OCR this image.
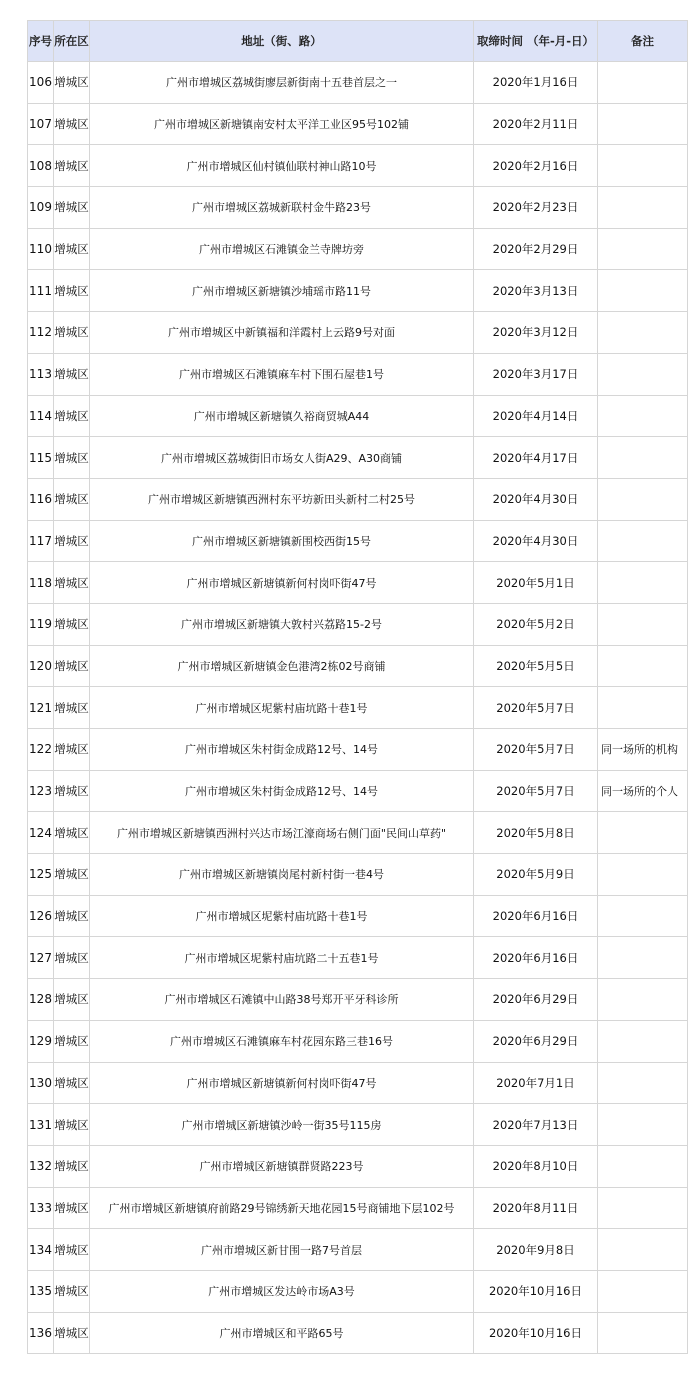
序号	所在区	地址（街、路）	取缔时间 （年-月-日）	备注
106	增城区	广州市增城区荔城街廖层新街南十五巷首层之一	2020年1月16日	
107	增城区	广州市增城区新塘镇南安村太平洋工业区95号102铺	2020年2月11日	
108	增城区	广州市增城区仙村镇仙联村神山路10号	2020年2月16日	
109	增城区	广州市增城区荔城新联村金牛路23号	2020年2月23日	
110	增城区	广州市增城区石滩镇金兰寺牌坊旁	2020年2月29日	
111	增城区	广州市增城区新塘镇沙埔瑶市路11号	2020年3月13日	
112	增城区	广州市增城区中新镇福和洋霞村上云路9号对面	2020年3月12日	
113	增城区	广州市增城区石滩镇麻车村下围石屋巷1号	2020年3月17日	
114	增城区	广州市增城区新塘镇久裕商贸城A44	2020年4月14日	
115	增城区	广州市增城区荔城街旧市场女人街A29、A30商铺	2020年4月17日	
116	增城区	广州市增城区新塘镇西洲村东平坊新田头新村二村25号	2020年4月30日	
117	增城区	广州市增城区新塘镇新围校西街15号	2020年4月30日	
118	增城区	广州市增城区新塘镇新何村岗吓街47号	2020年5月1日	
119	增城区	广州市增城区新塘镇大敦村兴荔路15-2号	2020年5月2日	
120	增城区	广州市增城区新塘镇金色港湾2栋02号商铺	2020年5月5日	
121	增城区	广州市增城区坭紫村庙坑路十巷1号	2020年5月7日	
122	增城区	广州市增城区朱村街金成路12号、14号	2020年5月7日	同一场所的机构
123	增城区	广州市增城区朱村街金成路12号、14号	2020年5月7日	同一场所的个人
124	增城区	广州市增城区新塘镇西洲村兴达市场江濠商场右侧门面"民间山草药"	2020年5月8日	
125	增城区	广州市增城区新塘镇岗尾村新村街一巷4号	2020年5月9日	
126	增城区	广州市增城区坭紫村庙坑路十巷1号	2020年6月16日	
127	增城区	广州市增城区坭紫村庙坑路二十五巷1号	2020年6月16日	
128	增城区	广州市增城区石滩镇中山路38号郑开平牙科诊所	2020年6月29日	
129	增城区	广州市增城区石滩镇麻车村花园东路三巷16号	2020年6月29日	
130	增城区	广州市增城区新塘镇新何村岗吓街47号	2020年7月1日	
131	增城区	广州市增城区新塘镇沙岭一街35号115房	2020年7月13日	
132	增城区	广州市增城区新塘镇群贤路223号	2020年8月10日	
133	增城区	广州市增城区新塘镇府前路29号锦绣新天地花园15号商铺地下层102号	2020年8月11日	
134	增城区	广州市增城区新甘围一路7号首层	2020年9月8日	
135	增城区	广州市增城区发达岭市场A3号	2020年10月16日	
136	增城区	广州市增城区和平路65号	2020年10月16日	
